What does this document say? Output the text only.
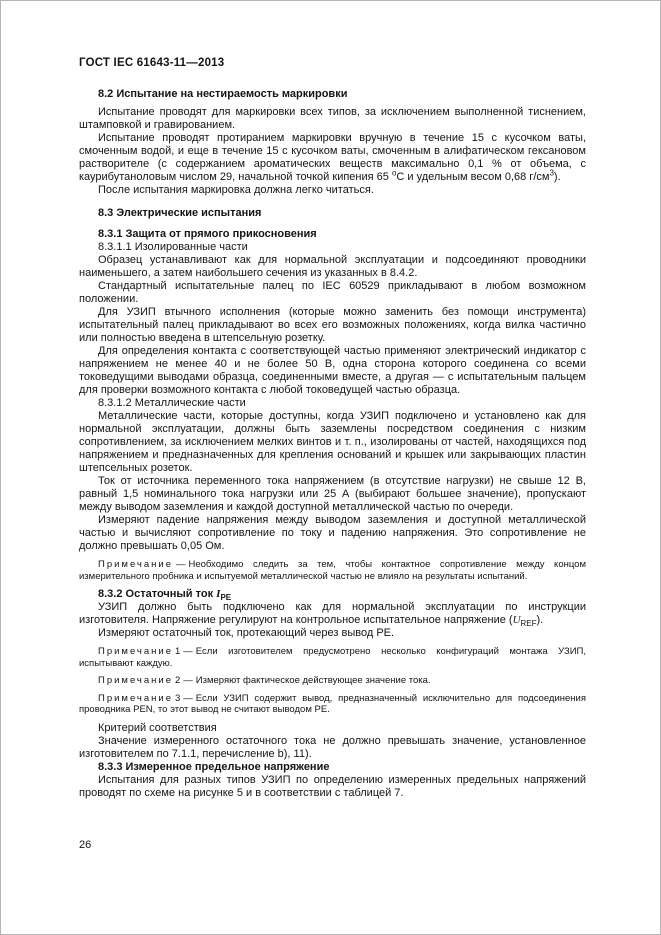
ГОСТ IEC 61643-11—2013
8.2 Испытание на нестираемость маркировки

Испытание проводят для маркировки всех типов, за исключением выполненной тиснением, штамповкой и гравированием.

Испытание проводят протиранием маркировки вручную в течение 15 с кусочком ваты, смоченным водой, и еще в течение 15 с кусочком ваты, смоченным в алифатическом гексановом растворителе (с содержанием ароматических веществ максимально 0,1 % от объема, с каурибутаноловым числом 29, начальной точкой кипения 65 $^о$С и удельным весом 0,68 $г/см^3$).

После испытания маркировка должна легко читаться.

8.3 Электрические испытания
8.3.1 Защита от прямого прикосновения

8.3.1.1 Изолированные части

Образец устанавливают как для нормальной эксплуатации и подсоединяют проводники наименьшего, а затем наибольшего сечения из указанных в 8.4.2.

Стандартный испытательные палец по IEC 60529 прикладывают в любом возможном положении.

Для УЗИП втычного исполнения (которые можно заменить без помощи инструмента) испытательный палец прикладывают во всех его возможных положениях, когда вилка частично или полностью введена в штепсельную розетку.

Для определения контакта с соответствующей частью применяют электрический индикатор с напряжением не менее 40 и не более 50 В, одна сторона которого соединена со всеми токоведущими выводами образца, соединенными вместе, а другая — с испытательным пальцем для проверки возможного контакта с любой токоведущей частью образца.

8.3.1.2 Металлические части

Металлические части, которые доступны, когда УЗИП подключено и установлено как для нормальной эксплуатации, должны быть заземлены посредством соединения с низким сопротивлением, за исключением мелких винтов и т. п., изолированы от частей, находящихся под напряжением и предназначенных для крепления оснований и крышек или закрывающих пластин штепсельных розеток.

Ток от источника переменного тока напряжением (в отсутствие нагрузки) не свыше 12 В, равный 1,5 номинального тока нагрузки или 25 А (выбирают большее значение), пропускают между выводом заземления и каждой доступной металлической частью по очереди.

Измеряют падение напряжения между выводом заземления и доступной металлической частью и вычисляют сопротивление по току и падению напряжения. Это сопротивление не должно превышать 0,05 Ом.

Примечание — Необходимо следить за тем, чтобы контактное сопротивление между концом измерительного пробника и испытуемой металлической частью не влияло на результаты испытаний.

8.3.2 Остаточный ток $I_{PE}$

УЗИП должно быть подключено как для нормальной эксплуатации по инструкции изготовителя. Напряжение регулируют на контрольное испытательное напряжение $(U_{REF})$.

Измеряют остаточный ток, протекающий через вывод PE.

Примечание 1 — Если изготовителем предусмотрено несколько конфигураций монтажа УЗИП, испытывают каждую.

Примечание 2 — Измеряют фактическое действующее значение тока.

Примечание 3 — Если УЗИП содержит вывод, предназначенный исключительно для подсоединения проводника PEN, то этот вывод не считают выводом PE.

Критерий соответствия

Значение измеренного остаточного тока не должно превышать значение, установленное изготовителем по 7.1.1, перечисление b), 11).

8.3.3 Измеренное предельное напряжение

Испытания для разных типов УЗИП по определению измеренных предельных напряжений проводят по схеме на рисунке 5 и в соответствии с таблицей 7.

26
